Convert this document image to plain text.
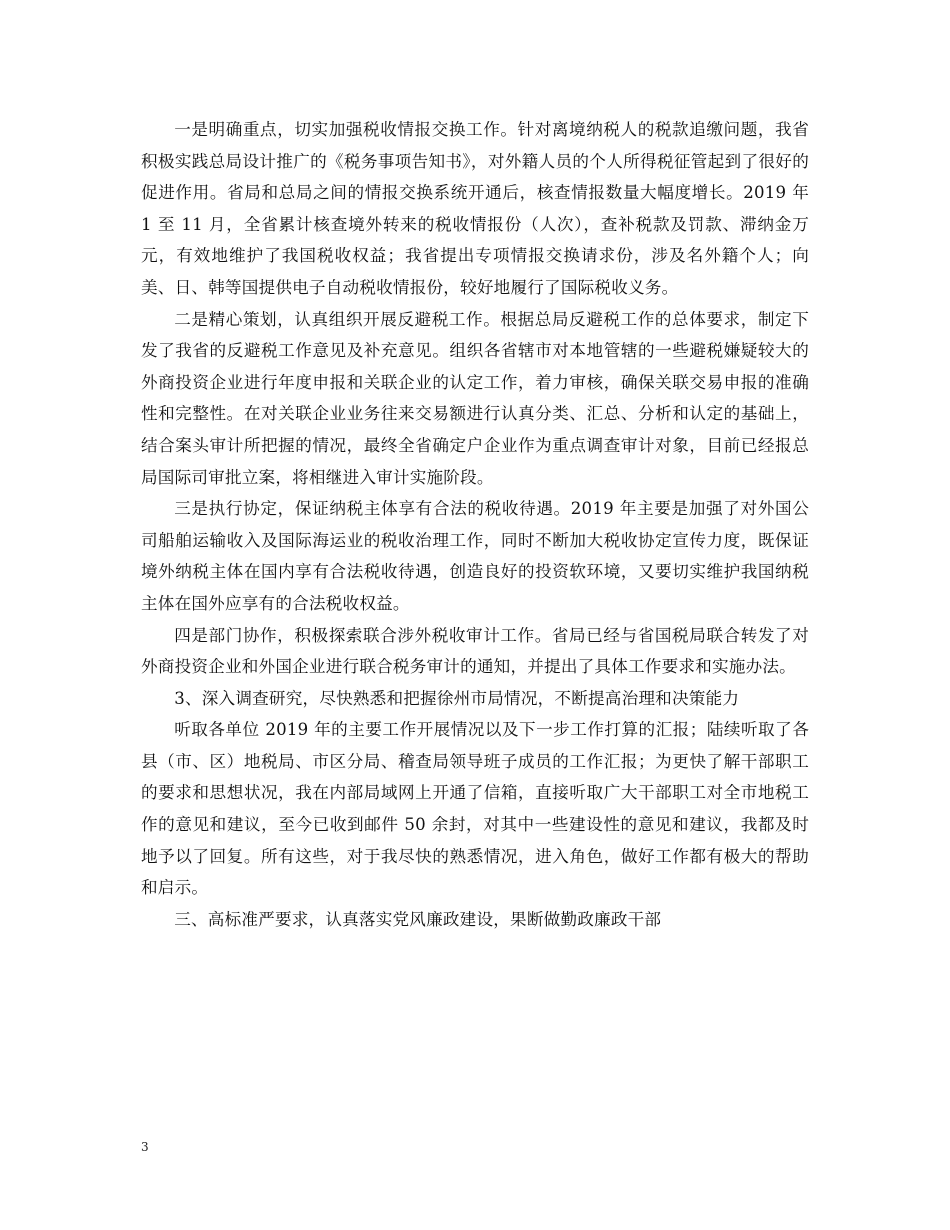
一是明确重点，切实加强税收情报交换工作。针对离境纳税人的税款追缴问题，我省积极实践总局设计推广的《税务事项告知书》，对外籍人员的个人所得税征管起到了很好的促进作用。省局和总局之间的情报交换系统开通后，核查情报数量大幅度增长。2019 年 1 至 11 月，全省累计核查境外转来的税收情报份（人次），查补税款及罚款、滞纳金万元，有效地维护了我国税收权益；我省提出专项情报交换请求份，涉及名外籍个人；向美、日、韩等国提供电子自动税收情报份，较好地履行了国际税收义务。

二是精心策划，认真组织开展反避税工作。根据总局反避税工作的总体要求，制定下发了我省的反避税工作意见及补充意见。组织各省辖市对本地管辖的一些避税嫌疑较大的外商投资企业进行年度申报和关联企业的认定工作，着力审核，确保关联交易申报的准确性和完整性。在对关联企业业务往来交易额进行认真分类、汇总、分析和认定的基础上，结合案头审计所把握的情况，最终全省确定户企业作为重点调查审计对象，目前已经报总局国际司审批立案，将相继进入审计实施阶段。

三是执行协定，保证纳税主体享有合法的税收待遇。2019 年主要是加强了对外国公司船舶运输收入及国际海运业的税收治理工作，同时不断加大税收协定宣传力度，既保证境外纳税主体在国内享有合法税收待遇，创造良好的投资软环境，又要切实维护我国纳税主体在国外应享有的合法税收权益。

四是部门协作，积极探索联合涉外税收审计工作。省局已经与省国税局联合转发了对外商投资企业和外国企业进行联合税务审计的通知，并提出了具体工作要求和实施办法。

3、深入调查研究，尽快熟悉和把握徐州市局情况，不断提高治理和决策能力

听取各单位 2019 年的主要工作开展情况以及下一步工作打算的汇报；陆续听取了各县（市、区）地税局、市区分局、稽查局领导班子成员的工作汇报；为更快了解干部职工的要求和思想状况，我在内部局域网上开通了信箱，直接听取广大干部职工对全市地税工作的意见和建议，至今已收到邮件 50 余封，对其中一些建设性的意见和建议，我都及时地予以了回复。所有这些，对于我尽快的熟悉情况，进入角色，做好工作都有极大的帮助和启示。

三、高标准严要求，认真落实党风廉政建设，果断做勤政廉政干部

3
